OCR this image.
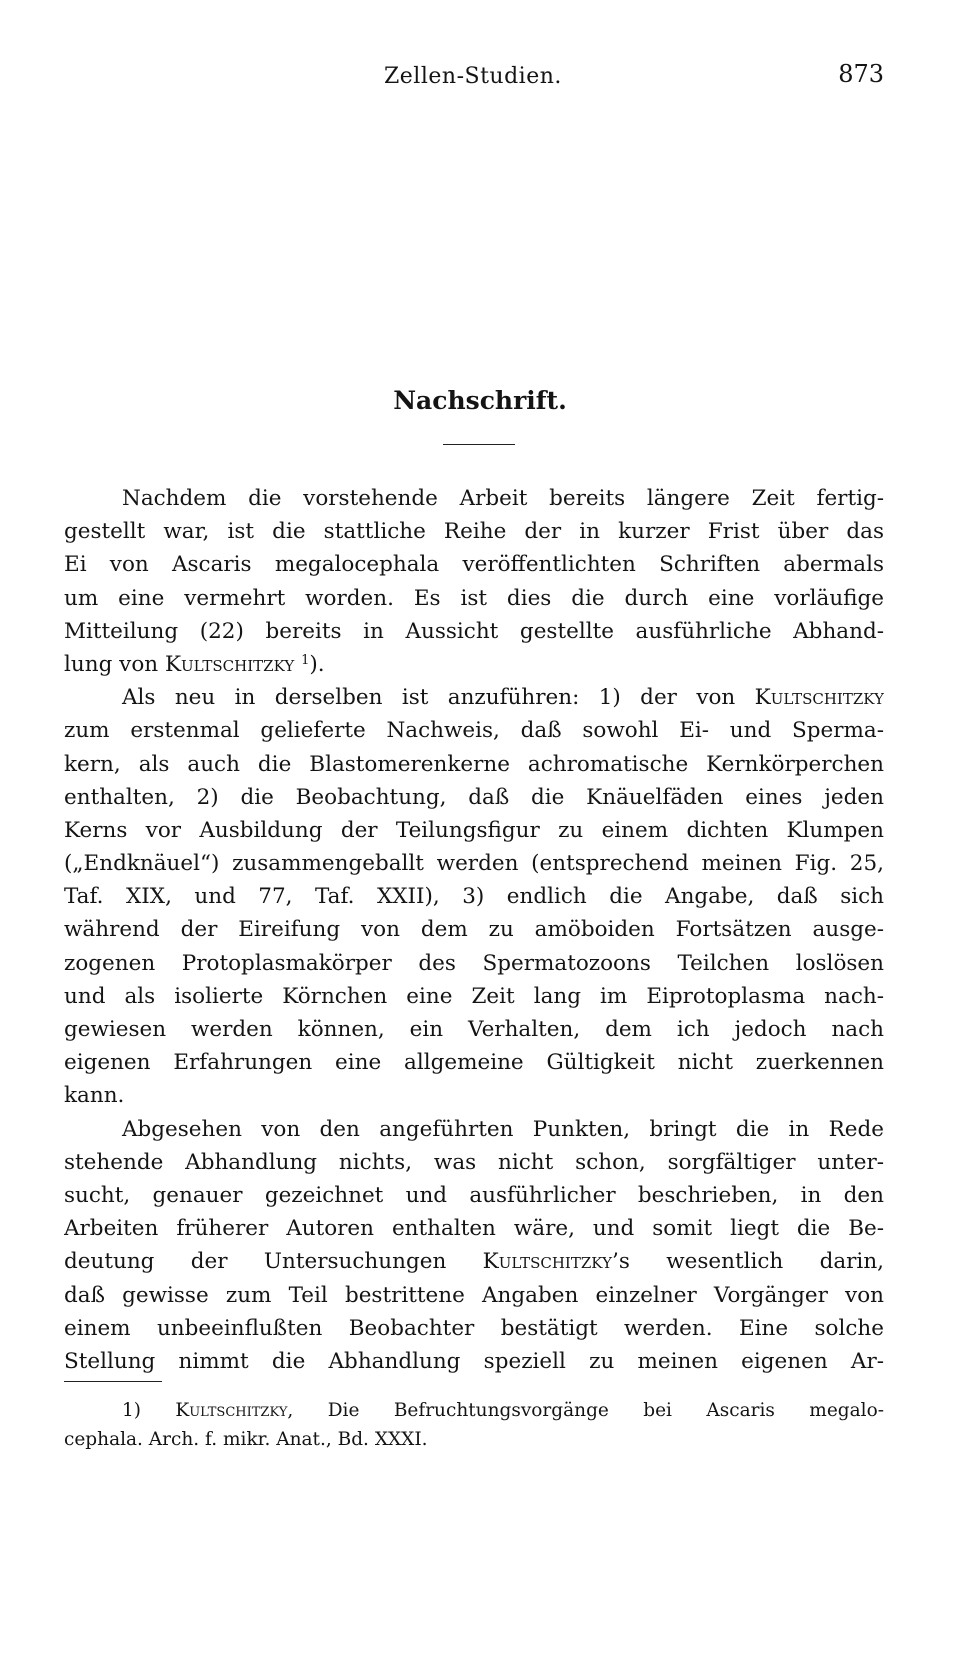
Zellen-Studien.	873
Nachschrift.
Nachdem die vorstehende Arbeit bereits längere Zeit fertig-
gestellt war, ist die stattliche Reihe der in kurzer Frist über das
Ei von Ascaris megalocephala veröffentlichten Schriften abermals
um eine vermehrt worden. Es ist dies die durch eine vorläufige
Mitteilung (22) bereits in Aussicht gestellte ausführliche Abhand-
lung von Kultschitzky $^1$).
Als neu in derselben ist anzuführen: 1) der von Kultschitzky
zum erstenmal gelieferte Nachweis, daß sowohl Ei- und Sperma-
kern, als auch die Blastomerenkerne achromatische Kernkörperchen
enthalten, 2) die Beobachtung, daß die Knäuelfäden eines jeden
Kerns vor Ausbildung der Teilungsfigur zu einem dichten Klumpen
(„Endknäuel“) zusammengeballt werden (entsprechend meinen Fig. 25,
Taf. XIX, und 77, Taf. XXII), 3) endlich die Angabe, daß sich
während der Eireifung von dem zu amöboiden Fortsätzen ausge-
zogenen Protoplasmakörper des Spermatozoons Teilchen loslösen
und als isolierte Körnchen eine Zeit lang im Eiprotoplasma nach-
gewiesen werden können, ein Verhalten, dem ich jedoch nach
eigenen Erfahrungen eine allgemeine Gültigkeit nicht zuerkennen
kann.
Abgesehen von den angeführten Punkten, bringt die in Rede
stehende Abhandlung nichts, was nicht schon, sorgfältiger unter-
sucht, genauer gezeichnet und ausführlicher beschrieben, in den
Arbeiten früherer Autoren enthalten wäre, und somit liegt die Be-
deutung der Untersuchungen Kultschitzky’s wesentlich darin,
daß gewisse zum Teil bestrittene Angaben einzelner Vorgänger von
einem unbeeinflußten Beobachter bestätigt werden. Eine solche
Stellung nimmt die Abhandlung speziell zu meinen eigenen Ar-
1) Kultschitzky, Die Befruchtungsvorgänge bei Ascaris megalo-
cephala. Arch. f. mikr. Anat., Bd. XXXI.
